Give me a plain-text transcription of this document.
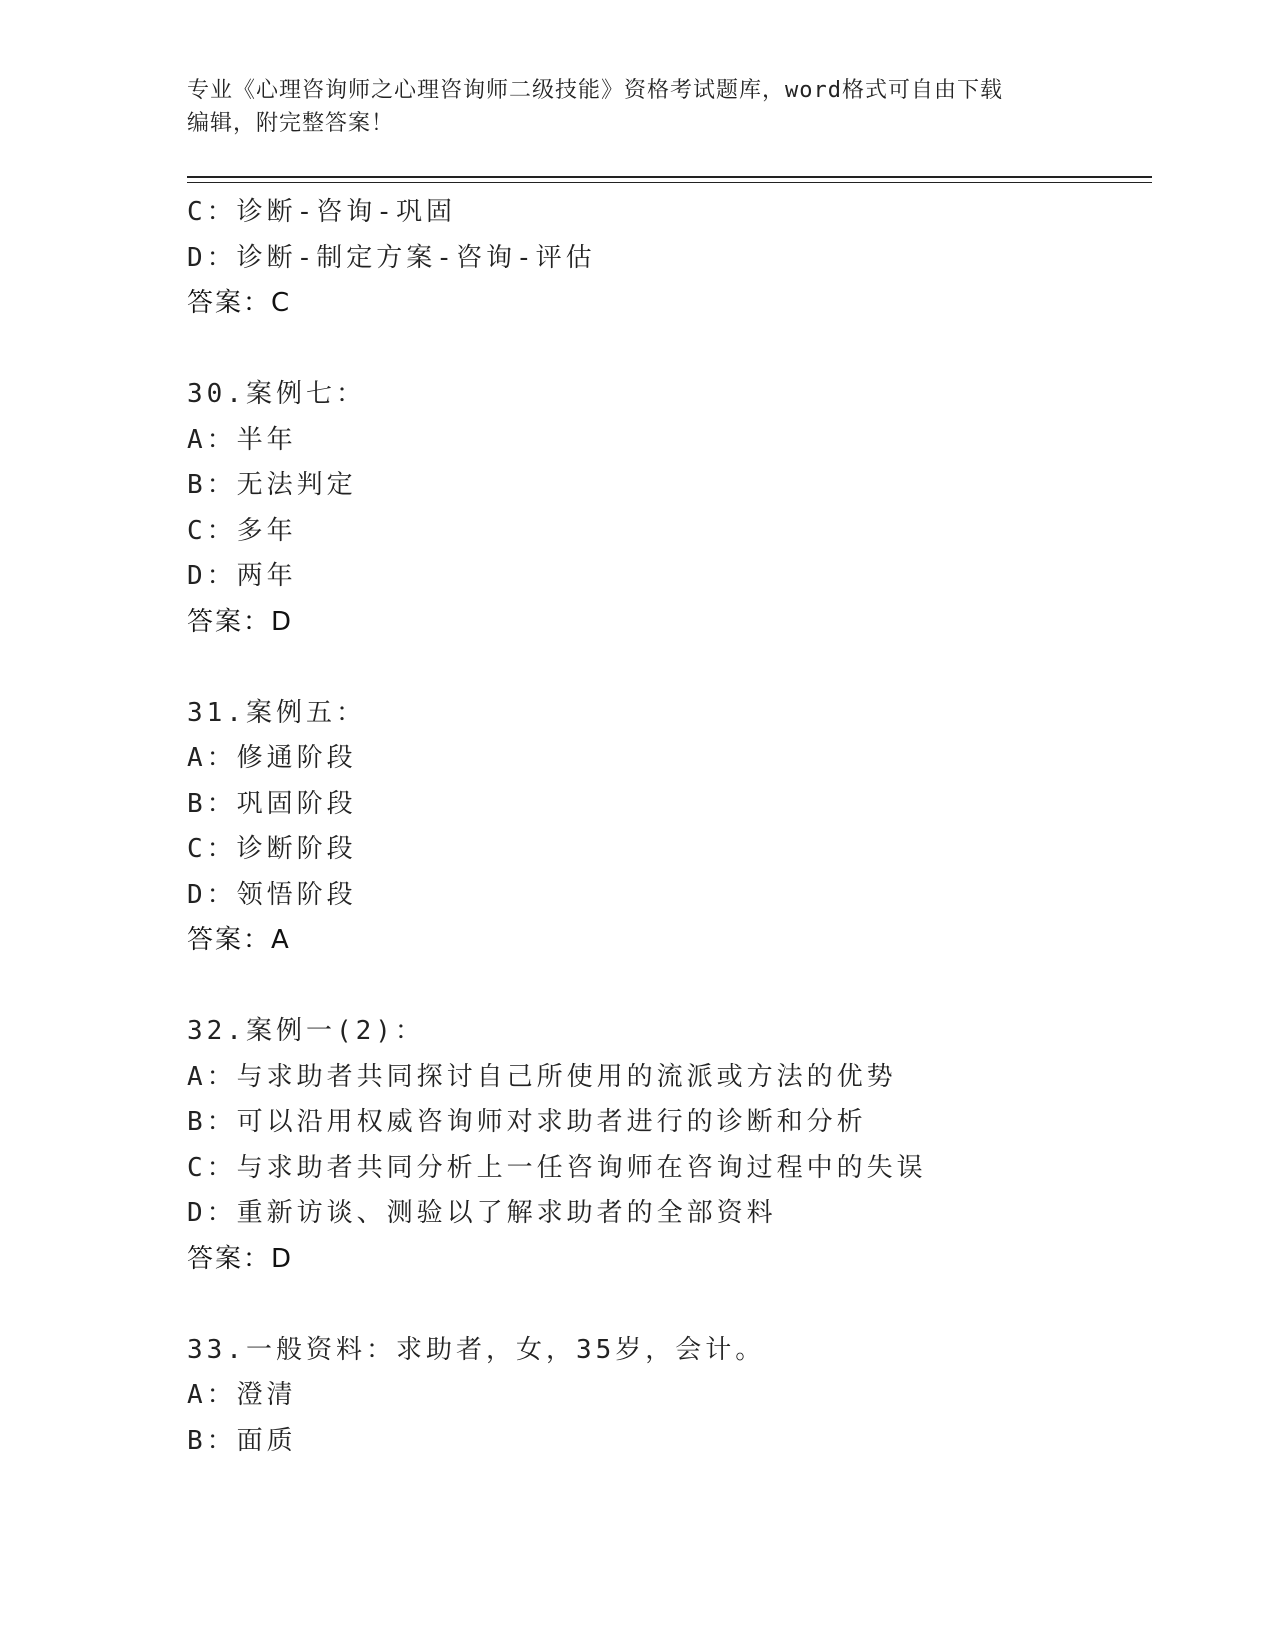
专业《心理咨询师之心理咨询师二级技能》资格考试题库，word格式可自由下载
编辑，附完整答案！
C：诊断-咨询-巩固
D：诊断-制定方案-咨询-评估
答案：C
30.案例七：
A：半年
B：无法判定
C：多年
D：两年
答案：D
31.案例五：
A：修通阶段
B：巩固阶段
C：诊断阶段
D：领悟阶段
答案：A
32.案例一(2)：
A：与求助者共同探讨自己所使用的流派或方法的优势
B：可以沿用权威咨询师对求助者进行的诊断和分析
C：与求助者共同分析上一任咨询师在咨询过程中的失误
D：重新访谈、测验以了解求助者的全部资料
答案：D
33.一般资料：求助者，女，35岁，会计。
A：澄清
B：面质
